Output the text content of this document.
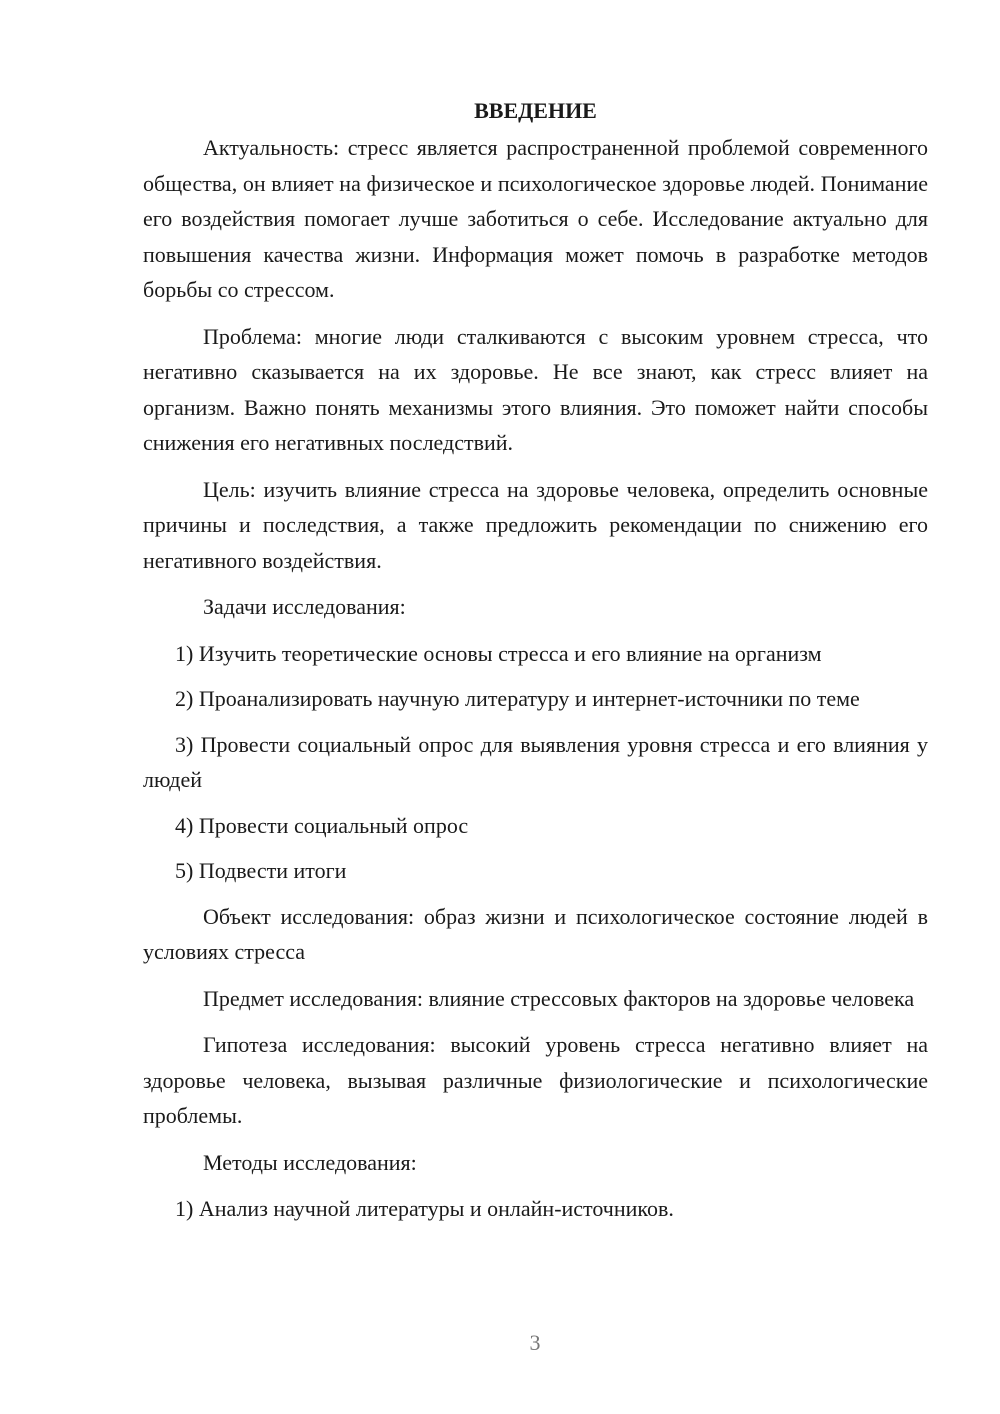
ВВЕДЕНИЕ
Актуальность: стресс является распространенной проблемой современного общества, он влияет на физическое и психологическое здоровье людей. Понимание его воздействия помогает лучше заботиться о себе. Исследование актуально для повышения качества жизни. Информация может помочь в разработке методов борьбы со стрессом.
Проблема: многие люди сталкиваются с высоким уровнем стресса, что негативно сказывается на их здоровье. Не все знают, как стресс влияет на организм. Важно понять механизмы этого влияния. Это поможет найти способы снижения его негативных последствий.
Цель: изучить влияние стресса на здоровье человека, определить основные причины и последствия, а также предложить рекомендации по снижению его негативного воздействия.
Задачи исследования:
1) Изучить теоретические основы стресса и его влияние на организм
2) Проанализировать научную литературу и интернет-источники по теме
3) Провести социальный опрос для выявления уровня стресса и его влияния у людей
4) Провести социальный опрос
5) Подвести итоги
Объект исследования: образ жизни и психологическое состояние людей в условиях стресса
Предмет исследования: влияние стрессовых факторов на здоровье человека
Гипотеза исследования: высокий уровень стресса негативно влияет на здоровье человека, вызывая различные физиологические и психологические проблемы.
Методы исследования:
1) Анализ научной литературы и онлайн-источников.
3
